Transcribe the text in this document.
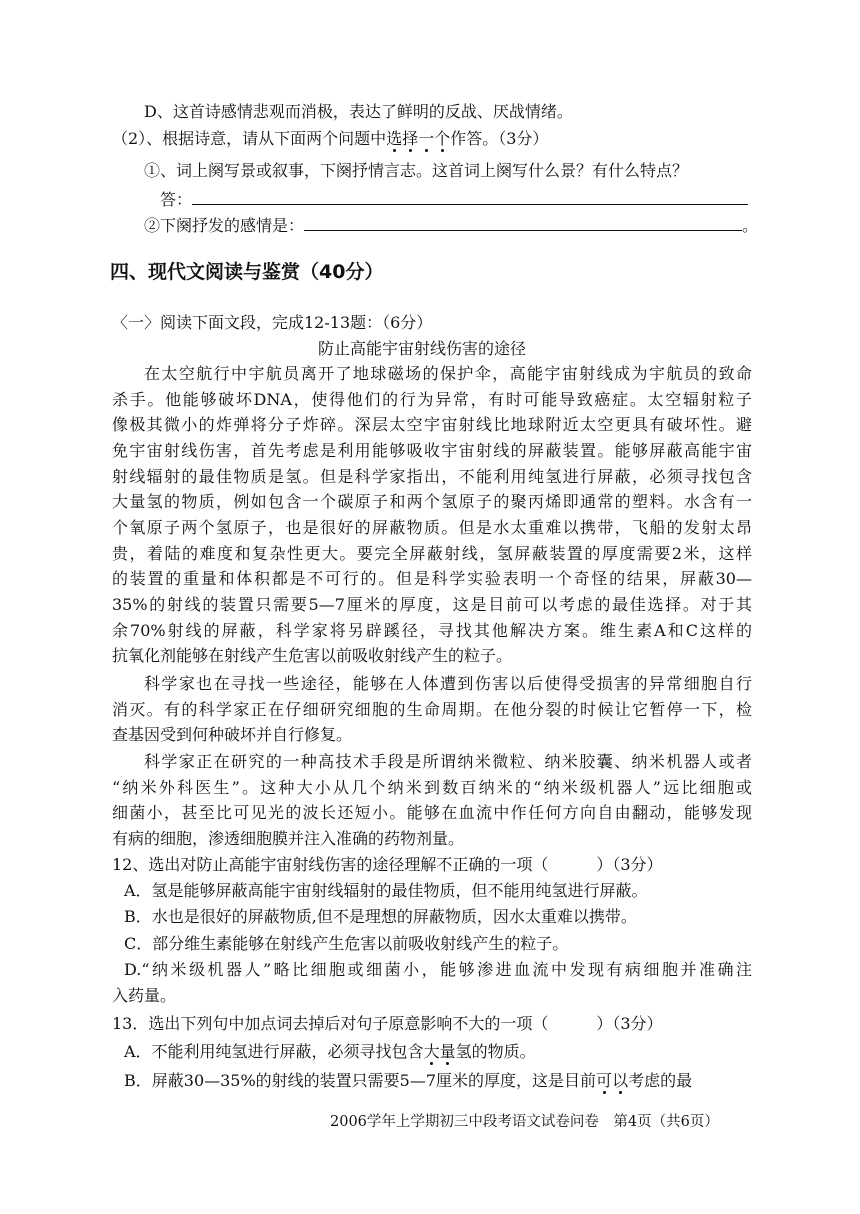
D、这首诗感情悲观而消极，表达了鲜明的反战、厌战情绪。
（2）、根据诗意，请从下面两个问题中选择一个作答。（3分）
①、词上阕写景或叙事，下阕抒情言志。这首词上阕写什么景？有什么特点？
答：
②下阕抒发的感情是：	。
四、现代文阅读与鉴赏（40分）
〈一〉阅读下面文段，完成12-13题：（6分）
防止高能宇宙射线伤害的途径
在太空航行中宇航员离开了地球磁场的保护伞，高能宇宙射线成为宇航员的致命
杀手。他能够破坏DNA，使得他们的行为异常，有时可能导致癌症。太空辐射粒子
像极其微小的炸弹将分子炸碎。深层太空宇宙射线比地球附近太空更具有破坏性。避
免宇宙射线伤害，首先考虑是利用能够吸收宇宙射线的屏蔽装置。能够屏蔽高能宇宙
射线辐射的最佳物质是氢。但是科学家指出，不能利用纯氢进行屏蔽，必须寻找包含
大量氢的物质，例如包含一个碳原子和两个氢原子的聚丙烯即通常的塑料。水含有一
个氧原子两个氢原子，也是很好的屏蔽物质。但是水太重难以携带，飞船的发射太昂
贵，着陆的难度和复杂性更大。要完全屏蔽射线，氢屏蔽装置的厚度需要2米，这样
的装置的重量和体积都是不可行的。但是科学实验表明一个奇怪的结果，屏蔽30—
35%的射线的装置只需要5—7厘米的厚度，这是目前可以考虑的最佳选择。对于其
余70%射线的屏蔽，科学家将另辟蹊径，寻找其他解决方案。维生素A和C这样的
抗氧化剂能够在射线产生危害以前吸收射线产生的粒子。
科学家也在寻找一些途径，能够在人体遭到伤害以后使得受损害的异常细胞自行
消灭。有的科学家正在仔细研究细胞的生命周期。在他分裂的时候让它暂停一下，检
查基因受到何种破坏并自行修复。
科学家正在研究的一种高技术手段是所谓纳米微粒、纳米胶囊、纳米机器人或者
“纳米外科医生”。这种大小从几个纳米到数百纳米的“纳米级机器人”远比细胞或
细菌小，甚至比可见光的波长还短小。能够在血流中作任何方向自由翻动，能够发现
有病的细胞，渗透细胞膜并注入准确的药物剂量。
12、选出对防止高能宇宙射线伤害的途径理解不正确的一项（　　　）（3分）
A．氢是能够屏蔽高能宇宙射线辐射的最佳物质，但不能用纯氢进行屏蔽。
B．水也是很好的屏蔽物质,但不是理想的屏蔽物质，因水太重难以携带。
C．部分维生素能够在射线产生危害以前吸收射线产生的粒子。
D.“纳米级机器人”略比细胞或细菌小，能够渗进血流中发现有病细胞并准确注
入药量。
13．选出下列句中加点词去掉后对句子原意影响不大的一项（　　　）（3分）
A．不能利用纯氢进行屏蔽，必须寻找包含大量氢的物质。
B．屏蔽30—35%的射线的装置只需要5—7厘米的厚度，这是目前可以考虑的最
2006学年上学期初三中段考语文试卷问卷　第4页（共6页）
